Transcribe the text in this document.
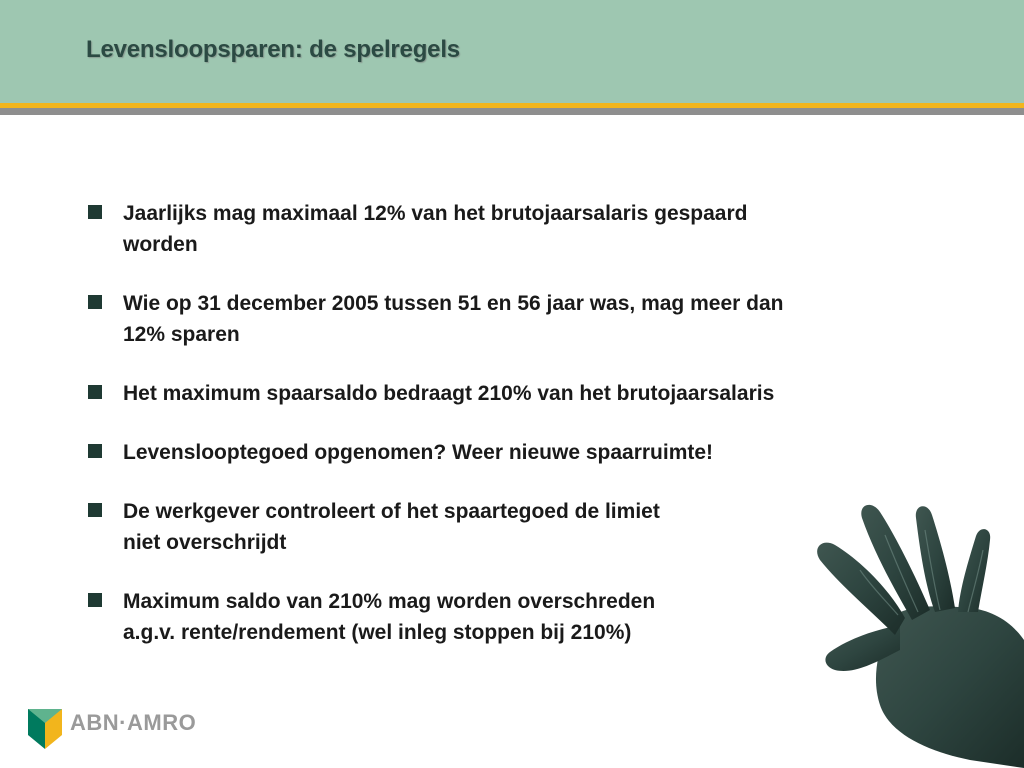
Levensloopsparen: de spelregels
Jaarlijks mag maximaal 12% van het brutojaarsalaris gespaard
worden
Wie op 31 december 2005 tussen 51 en 56 jaar was, mag meer dan
12% sparen
Het maximum spaarsaldo bedraagt 210% van het brutojaarsalaris
Levenslooptegoed opgenomen? Weer nieuwe spaarruimte!
De werkgever controleert of het spaartegoed de limiet
niet overschrijdt
Maximum saldo van 210% mag worden overschreden
a.g.v. rente/rendement (wel inleg stoppen bij 210%)
ABN·AMRO
